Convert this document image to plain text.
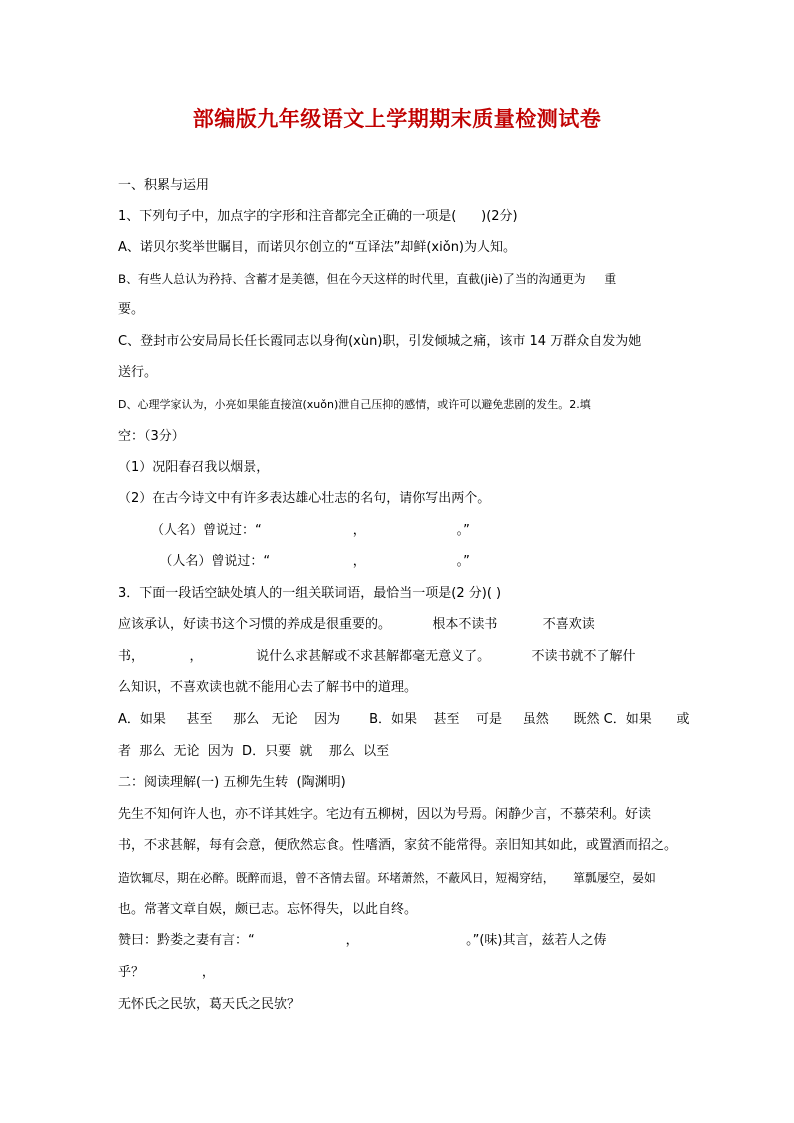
部编版九年级语文上学期期末质量检测试卷

一、积累与运用

1、下列句子中，加点字的字形和注音都完全正确的一项是(      )(2分)

A、诺贝尔奖举世瞩目，而诺贝尔创立的“互译法”却鲜(xiǒn)为人知。

B、有些人总认为矜持、含蓄才是美德，但在今天这样的时代里，直截(jiè)了当的沟通更为     重

要。

C、登封市公安局局长任长霞同志以身徇(xùn)职，引发倾城之痛，该市 14 万群众自发为她

送行。

D、心理学家认为，小亮如果能直接渲(xuǒn)泄自己压抑的感情，或许可以避免悲剧的发生。2.填

空：（3分）

（1）况阳春召我以烟景，

（2）在古今诗文中有许多表达雄心壮志的名句，请你写出两个。

（人名）曾说过：“                      ，                      。”

（人名）曾说过：“                    ，                      。”

3．下面一段话空缺处填人的一组关联词语，最恰当一项是(2 分)( )

应该承认，好读书这个习惯的养成是很重要的。          根本不读书           不喜欢读

书，           ，             说什么求甚解或不求甚解都毫无意义了。          不读书就不了解什

么知识，不喜欢读也就不能用心去了解书中的道理。

A．如果     甚至     那么   无论    因为       B．如果    甚至    可是     虽然      既然 C．如果      或

者  那么  无论  因为  D．只要  就    那么  以至

二：阅读理解(一) 五柳先生转  (陶渊明)

先生不知何许人也，亦不详其姓字。宅边有五柳树，因以为号焉。闲静少言，不慕荣利。好读

书，不求甚解，每有会意，便欣然忘食。性嗜酒，家贫不能常得。亲旧知其如此，或置酒而招之。

造饮辄尽，期在必醉。既醉而退，曾不吝情去留。环堵萧然，不蔽风日，短褐穿结，     箪瓢屡空，晏如

也。常著文章自娱，颇已志。忘怀得失，以此自终。

赞曰：黔娄之妻有言：“                      ，                          。”(味)其言，兹若人之俦

乎？              ，

无怀氏之民欤，葛天氏之民欤？
